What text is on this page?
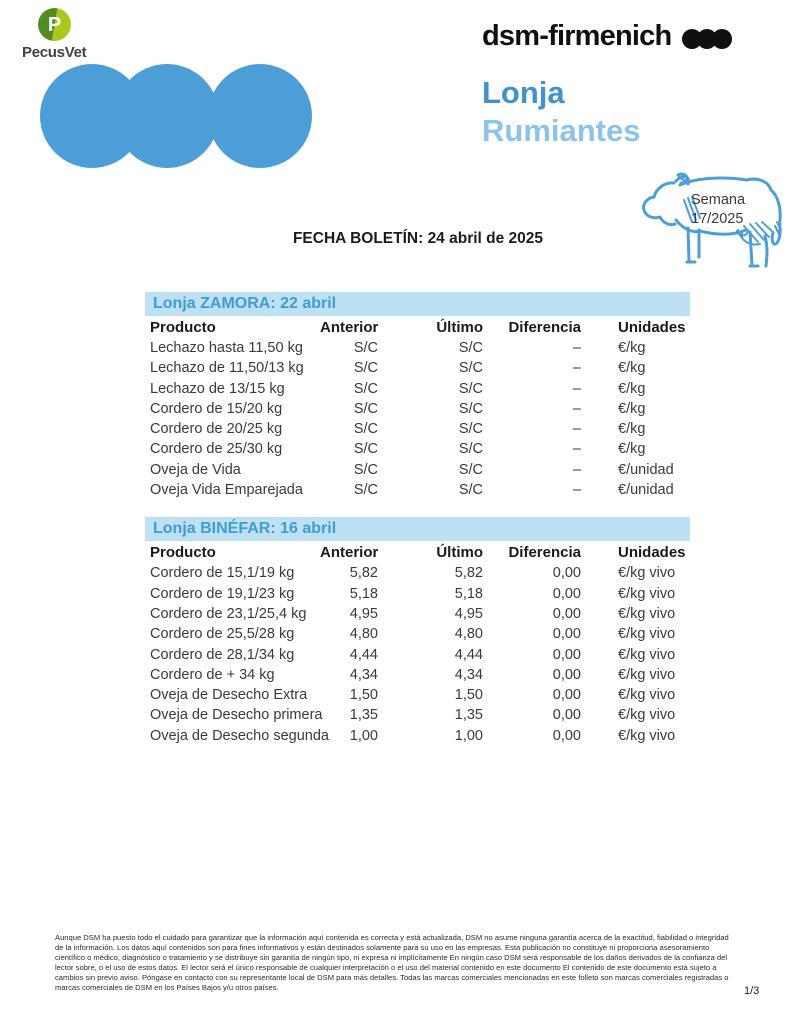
P
PecusVet
dsm-firmenich
Lonja
Rumiantes
Semana
17/2025
FECHA BOLETÍN: 24 abril de 2025
Lonja ZAMORA: 22 abril
Producto	Anterior	Último	Diferencia	Unidades
Lechazo hasta 11,50 kg	S/C	S/C	–	€/kg
Lechazo de 11,50/13 kg	S/C	S/C	–	€/kg
Lechazo de 13/15 kg	S/C	S/C	–	€/kg
Cordero de 15/20 kg	S/C	S/C	–	€/kg
Cordero de 20/25 kg	S/C	S/C	–	€/kg
Cordero de 25/30 kg	S/C	S/C	–	€/kg
Oveja de Vida	S/C	S/C	–	€/unidad
Oveja Vida Emparejada	S/C	S/C	–	€/unidad
Lonja BINÉFAR: 16 abril
Producto	Anterior	Último	Diferencia	Unidades
Cordero de 15,1/19 kg	5,82	5,82	0,00	€/kg vivo
Cordero de 19,1/23 kg	5,18	5,18	0,00	€/kg vivo
Cordero de 23,1/25,4 kg	4,95	4,95	0,00	€/kg vivo
Cordero de 25,5/28 kg	4,80	4,80	0,00	€/kg vivo
Cordero de 28,1/34 kg	4,44	4,44	0,00	€/kg vivo
Cordero de + 34 kg	4,34	4,34	0,00	€/kg vivo
Oveja de Desecho Extra	1,50	1,50	0,00	€/kg vivo
Oveja de Desecho primera	1,35	1,35	0,00	€/kg vivo
Oveja de Desecho segunda	1,00	1,00	0,00	€/kg vivo
Aunque DSM ha puesto todo el cuidado para garantizar que la información aquí contenida es correcta y está actualizada, DSM no asume ninguna garantía acerca de la exactitud, fiabilidad o integridad de la información. Los datos aquí contenidos son para fines informativos y están destinados solamente para su uso en las empresas. Esta publicación no constituye ni proporciona asesoramiento científico o médico, diagnóstico o tratamiento y se distribuye sin garantía de ningún tipo, ni expresa ni implícitamente En ningún caso DSM será responsable de los daños derivados de la confianza del lector sobre, o el uso de estos datos. El lector será el único responsable de cualquier interpretación o el uso del material contenido en este documento El contenido de este documento está sujeto a cambios sin previo aviso. Póngase en contacto con su representante local de DSM para más detalles. Todas las marcas comerciales mencionadas en este folleto son marcas comerciales registradas o marcas comerciales de DSM en los Países Bajos y/u otros países.	1/3
